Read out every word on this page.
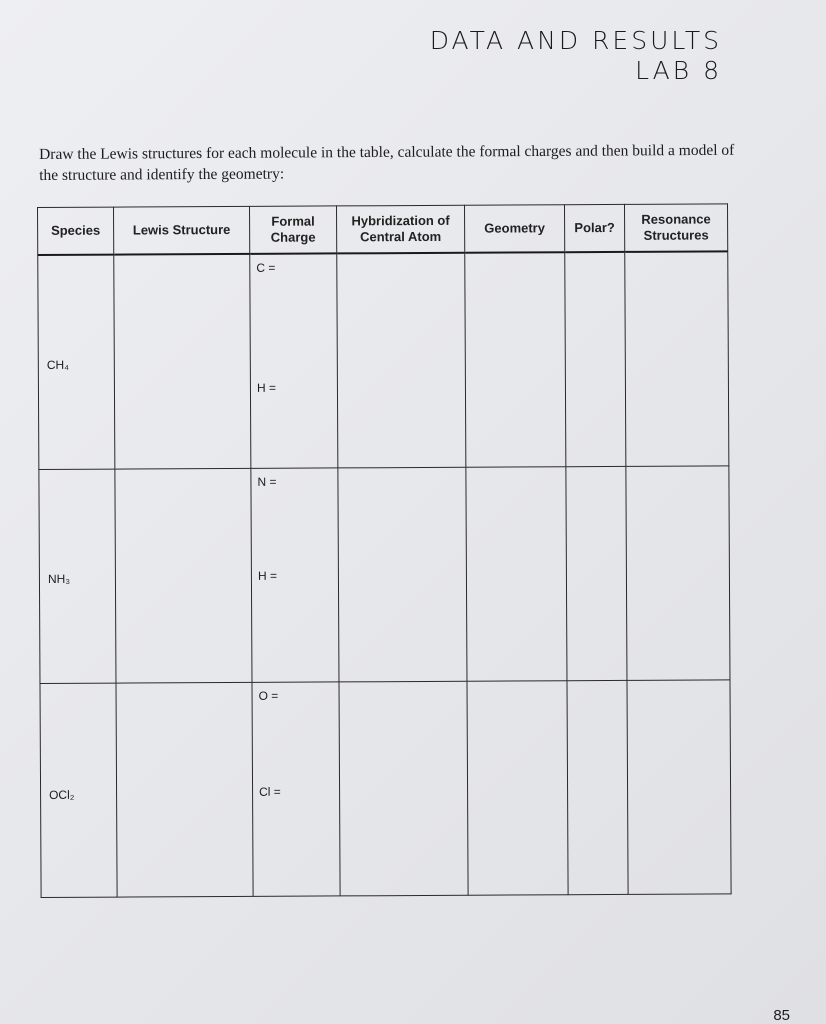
DATA AND RESULTS
LAB 8
Draw the Lewis structures for each molecule in the table, calculate the formal charges and then build a model of the structure and identify the geometry:
Species	Lewis Structure	Formal Charge	Hybridization of Central Atom	Geometry	Polar?	Resonance Structures

CH₄		C =
H =				

NH₃		N =
H =				

OCl₂		O =
Cl =				

85
